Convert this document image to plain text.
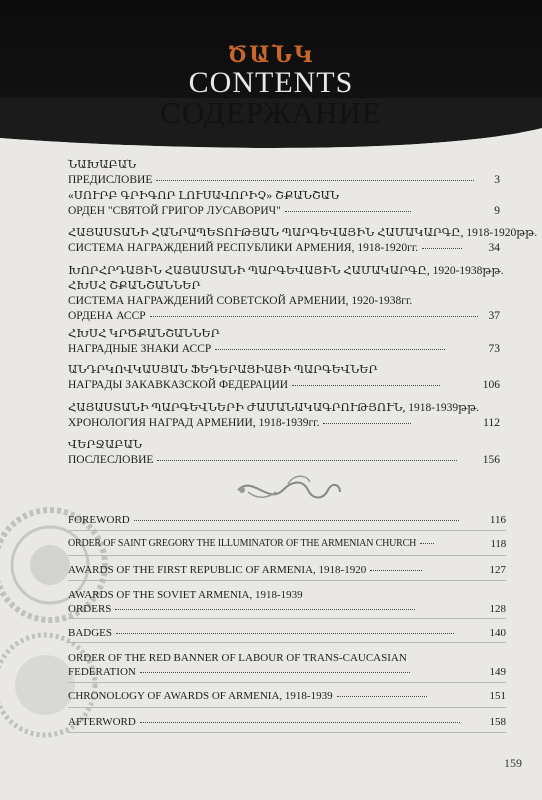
ԾԱՆԿ
CONTENTS
СОДЕРЖАНИЕ
ՆԱԽԱԲԱՆ
ПРЕДИСЛОВИЕ	3
«ՍՈՒՐԲ ԳՐԻԳՈՐ ԼՈՒՍԱՎՈՐԻՉ» ՇՔԱՆՇԱՆ
ОРДЕН "СВЯТОЙ ГРИГОР ЛУСАВОРИЧ"	9
ՀԱՅԱՍՏԱՆԻ ՀԱՆՐԱՊԵՏՈՒԹՅԱՆ ՊԱՐԳԵՎԱՅԻՆ ՀԱՄԱԿԱՐԳԸ, 1918-1920թթ.
СИСТЕМА НАГРАЖДЕНИЙ РЕСПУБЛИКИ АРМЕНИЯ, 1918-1920гг.	34
ԽՈՐՀՐԴԱՅԻՆ ՀԱՅԱՍՏԱՆԻ ՊԱՐԳԵՎԱՅԻՆ ՀԱՄԱԿԱՐԳԸ, 1920-1938թթ.
ՀԽՍՀ ՇՔԱՆՇԱՆՆԵՐ
СИСТЕМА НАГРАЖДЕНИЙ СОВЕТСКОЙ АРМЕНИИ, 1920-1938гг.
ОРДЕНА АССР	37
ՀԽՍՀ ԿՐԾՔԱՆՇԱՆՆԵՐ
НАГРАДНЫЕ ЗНАКИ АССР	73
ԱՆԴՐԿՈՎԿԱՍՅԱՆ ՖԵԴԵՐԱՑԻԱՅԻ ՊԱՐԳԵՎՆԵՐ
НАГРАДЫ ЗАКАВКАЗСКОЙ ФЕДЕРАЦИИ	106
ՀԱՅԱՍՏԱՆԻ ՊԱՐԳԵՎՆԵՐԻ ԺԱՄԱՆԱԿԱԳՐՈՒԹՅՈՒՆ, 1918-1939թթ.
ХРОНОЛОГИЯ НАГРАД АРМЕНИИ, 1918-1939гг.	112
ՎԵՐՋԱԲԱՆ
ПОСЛЕСЛОВИЕ	156
FOREWORD	116
ORDER OF SAINT GREGORY THE ILLUMINATOR OF THE ARMENIAN CHURCH	118
AWARDS OF THE FIRST REPUBLIC OF ARMENIA, 1918-1920	127
AWARDS OF THE SOVIET ARMENIA, 1918-1939
ORDERS	128
BADGES	140
ORDER OF THE RED BANNER OF LABOUR OF TRANS-CAUCASIAN
FEDERATION	149
CHRONOLOGY OF AWARDS OF ARMENIA, 1918-1939	151
AFTERWORD	158
159
